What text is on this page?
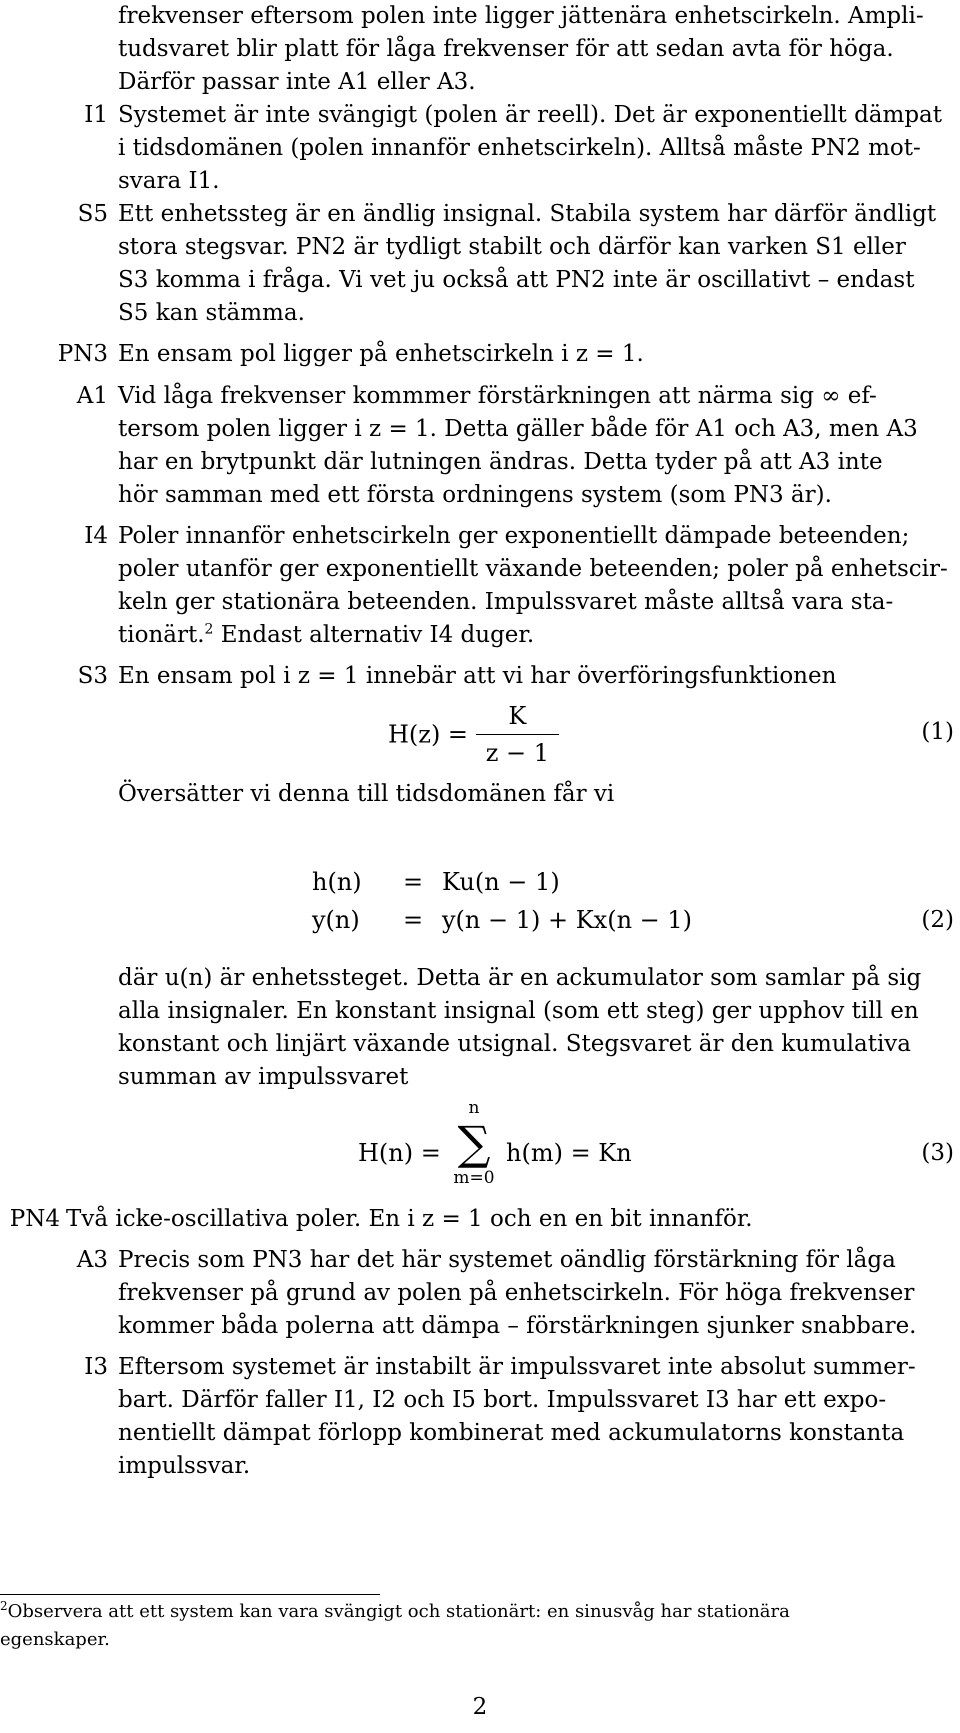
frekvenser eftersom polen inte ligger jättenära enhetscirkeln. Ampli-
tudsvaret blir platt för låga frekvenser för att sedan avta för höga.
Därför passar inte A1 eller A3.
I1 Systemet är inte svängigt (polen är reell). Det är exponentiellt dämpat
i tidsdomänen (polen innanför enhetscirkeln). Alltså måste PN2 mot-
svara I1.
S5 Ett enhetssteg är en ändlig insignal. Stabila system har därför ändligt
stora stegsvar. PN2 är tydligt stabilt och därför kan varken S1 eller
S3 komma i fråga. Vi vet ju också att PN2 inte är oscillativt – endast
S5 kan stämma.
PN3 En ensam pol ligger på enhetscirkeln i z = 1.
A1 Vid låga frekvenser kommmer förstärkningen att närma sig ∞ ef-
tersom polen ligger i z = 1. Detta gäller både för A1 och A3, men A3
har en brytpunkt där lutningen ändras. Detta tyder på att A3 inte
hör samman med ett första ordningens system (som PN3 är).
I4 Poler innanför enhetscirkeln ger exponentiellt dämpade beteenden;
poler utanför ger exponentiellt växande beteenden; poler på enhetscir-
keln ger stationära beteenden. Impulssvaret måste alltså vara sta-
tionärt.$^2$ Endast alternativ I4 duger.
S3 En ensam pol i z = 1 innebär att vi har överföringsfunktionen
$H(z) = \frac{K}{z - 1}$	(1)
Översätter vi denna till tidsdomänen får vi
h(n) = Ku(n − 1)
y(n) = y(n − 1) + Kx(n − 1)	(2)
där u(n) är enhetssteget. Detta är en ackumulator som samlar på sig
alla insignaler. En konstant insignal (som ett steg) ger upphov till en
konstant och linjärt växande utsignal. Stegsvaret är den kumulativa
summan av impulssvaret
H(n) =
n
∑
m=0
h(m) = Kn	(3)
PN4 Två icke-oscillativa poler. En i z = 1 och en en bit innanför.
A3 Precis som PN3 har det här systemet oändlig förstärkning för låga
frekvenser på grund av polen på enhetscirkeln. För höga frekvenser
kommer båda polerna att dämpa – förstärkningen sjunker snabbare.
I3 Eftersom systemet är instabilt är impulssvaret inte absolut summer-
bart. Därför faller I1, I2 och I5 bort. Impulssvaret I3 har ett expo-
nentiellt dämpat förlopp kombinerat med ackumulatorns konstanta
impulssvar.
$^2$Observera att ett system kan vara svängigt och stationärt: en sinusvåg har stationära
egenskaper.
2
